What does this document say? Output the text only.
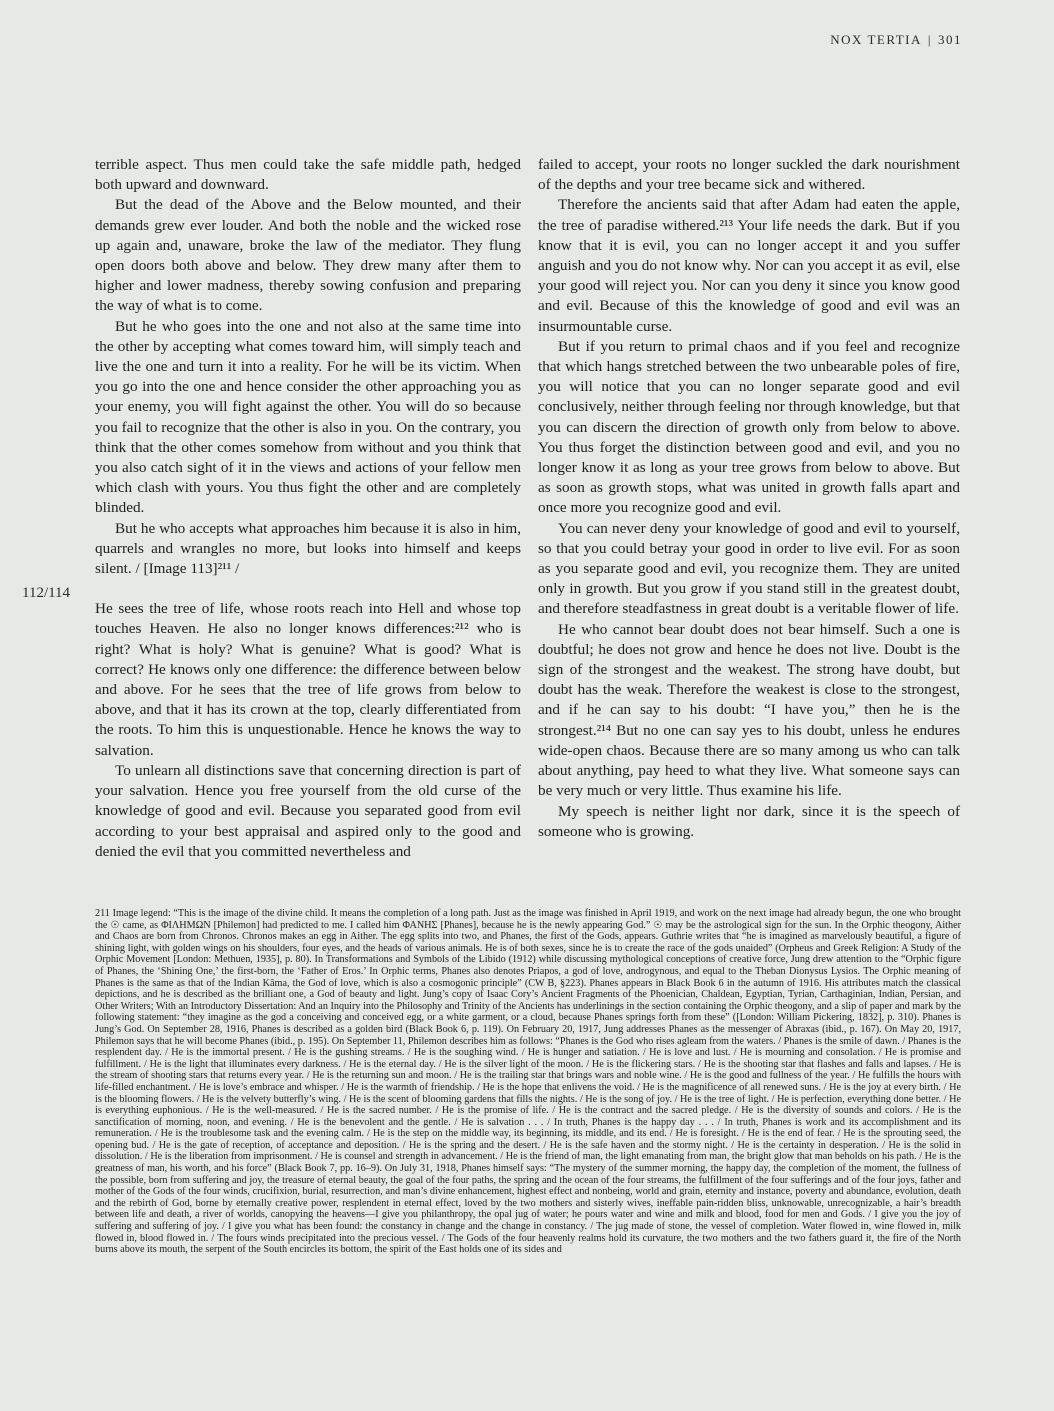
NOX TERTIA | 301
112/114

terrible aspect. Thus men could take the safe middle path, hedged both upward and downward.

But the dead of the Above and the Below mounted, and their demands grew ever louder. And both the noble and the wicked rose up again and, unaware, broke the law of the mediator. They flung open doors both above and below. They drew many after them to higher and lower madness, thereby sowing confusion and preparing the way of what is to come.

But he who goes into the one and not also at the same time into the other by accepting what comes toward him, will simply teach and live the one and turn it into a reality. For he will be its victim. When you go into the one and hence consider the other approaching you as your enemy, you will fight against the other. You will do so because you fail to recognize that the other is also in you. On the contrary, you think that the other comes somehow from without and you think that you also catch sight of it in the views and actions of your fellow men which clash with yours. You thus fight the other and are completely blinded.

But he who accepts what approaches him because it is also in him, quarrels and wrangles no more, but looks into himself and keeps silent. / [Image 113]²¹¹ /

He sees the tree of life, whose roots reach into Hell and whose top touches Heaven. He also no longer knows differences:²¹² who is right? What is holy? What is genuine? What is good? What is correct? He knows only one difference: the difference between below and above. For he sees that the tree of life grows from below to above, and that it has its crown at the top, clearly differentiated from the roots. To him this is unquestionable. Hence he knows the way to salvation.

To unlearn all distinctions save that concerning direction is part of your salvation. Hence you free yourself from the old curse of the knowledge of good and evil. Because you separated good from evil according to your best appraisal and aspired only to the good and denied the evil that you committed nevertheless and

failed to accept, your roots no longer suckled the dark nourishment of the depths and your tree became sick and withered.

Therefore the ancients said that after Adam had eaten the apple, the tree of paradise withered.²¹³ Your life needs the dark. But if you know that it is evil, you can no longer accept it and you suffer anguish and you do not know why. Nor can you accept it as evil, else your good will reject you. Nor can you deny it since you know good and evil. Because of this the knowledge of good and evil was an insurmountable curse.

But if you return to primal chaos and if you feel and recognize that which hangs stretched between the two unbearable poles of fire, you will notice that you can no longer separate good and evil conclusively, neither through feeling nor through knowledge, but that you can discern the direction of growth only from below to above. You thus forget the distinction between good and evil, and you no longer know it as long as your tree grows from below to above. But as soon as growth stops, what was united in growth falls apart and once more you recognize good and evil.

You can never deny your knowledge of good and evil to yourself, so that you could betray your good in order to live evil. For as soon as you separate good and evil, you recognize them. They are united only in growth. But you grow if you stand still in the greatest doubt, and therefore steadfastness in great doubt is a veritable flower of life.

He who cannot bear doubt does not bear himself. Such a one is doubtful; he does not grow and hence he does not live. Doubt is the sign of the strongest and the weakest. The strong have doubt, but doubt has the weak. Therefore the weakest is close to the strongest, and if he can say to his doubt: “I have you,” then he is the strongest.²¹⁴ But no one can say yes to his doubt, unless he endures wide-open chaos. Because there are so many among us who can talk about anything, pay heed to what they live. What someone says can be very much or very little. Thus examine his life.

My speech is neither light nor dark, since it is the speech of someone who is growing.

211 Image legend: “This is the image of the divine child. It means the completion of a long path. Just as the image was finished in April 1919, and work on the next image had already begun, the one who brought the ☉ came, as ΦΙΛΗΜΩΝ [Philemon] had predicted to me. I called him ΦΑΝΗΣ [Phanes], because he is the newly appearing God.” ☉ may be the astrological sign for the sun. In the Orphic theogony, Aither and Chaos are born from Chronos. Chronos makes an egg in Aither. The egg splits into two, and Phanes, the first of the Gods, appears. Guthrie writes that “he is imagined as marvelously beautiful, a figure of shining light, with golden wings on his shoulders, four eyes, and the heads of various animals. He is of both sexes, since he is to create the race of the gods unaided” (Orpheus and Greek Religion: A Study of the Orphic Movement [London: Methuen, 1935], p. 80). In Transformations and Symbols of the Libido (1912) while discussing mythological conceptions of creative force, Jung drew attention to the “Orphic figure of Phanes, the ‘Shining One,’ the first-born, the ‘Father of Eros.’ In Orphic terms, Phanes also denotes Priapos, a god of love, androgynous, and equal to the Theban Dionysus Lysios. The Orphic meaning of Phanes is the same as that of the Indian Kâma, the God of love, which is also a cosmogonic principle” (CW B, §223). Phanes appears in Black Book 6 in the autumn of 1916. His attributes match the classical depictions, and he is described as the brilliant one, a God of beauty and light. Jung’s copy of Isaac Cory’s Ancient Fragments of the Phoenician, Chaldean, Egyptian, Tyrian, Carthaginian, Indian, Persian, and Other Writers; With an Introductory Dissertation: And an Inquiry into the Philosophy and Trinity of the Ancients has underlinings in the section containing the Orphic theogony, and a slip of paper and mark by the following statement: “they imagine as the god a conceiving and conceived egg, or a white garment, or a cloud, because Phanes springs forth from these” ([London: William Pickering, 1832], p. 310). Phanes is Jung’s God. On September 28, 1916, Phanes is described as a golden bird (Black Book 6, p. 119). On February 20, 1917, Jung addresses Phanes as the messenger of Abraxas (ibid., p. 167). On May 20, 1917, Philemon says that he will become Phanes (ibid., p. 195). On September 11, Philemon describes him as follows: “Phanes is the God who rises agleam from the waters. / Phanes is the smile of dawn. / Phanes is the resplendent day. / He is the immortal present. / He is the gushing streams. / He is the soughing wind. / He is hunger and satiation. / He is love and lust. / He is mourning and consolation. / He is promise and fulfillment. / He is the light that illuminates every darkness. / He is the eternal day. / He is the silver light of the moon. / He is the flickering stars. / He is the shooting star that flashes and falls and lapses. / He is the stream of shooting stars that returns every year. / He is the returning sun and moon. / He is the trailing star that brings wars and noble wine. / He is the good and fullness of the year. / He fulfills the hours with life-filled enchantment. / He is love’s embrace and whisper. / He is the warmth of friendship. / He is the hope that enlivens the void. / He is the magnificence of all renewed suns. / He is the joy at every birth. / He is the blooming flowers. / He is the velvety butterfly’s wing. / He is the scent of blooming gardens that fills the nights. / He is the song of joy. / He is the tree of light. / He is perfection, everything done better. / He is everything euphonious. / He is the well-measured. / He is the sacred number. / He is the promise of life. / He is the contract and the sacred pledge. / He is the diversity of sounds and colors. / He is the sanctification of morning, noon, and evening. / He is the benevolent and the gentle. / He is salvation . . . / In truth, Phanes is the happy day . . . / In truth, Phanes is work and its accomplishment and its remuneration. / He is the troublesome task and the evening calm. / He is the step on the middle way, its beginning, its middle, and its end. / He is foresight. / He is the end of fear. / He is the sprouting seed, the opening bud. / He is the gate of reception, of acceptance and deposition. / He is the spring and the desert. / He is the safe haven and the stormy night. / He is the certainty in desperation. / He is the solid in dissolution. / He is the liberation from imprisonment. / He is counsel and strength in advancement. / He is the friend of man, the light emanating from man, the bright glow that man beholds on his path. / He is the greatness of man, his worth, and his force” (Black Book 7, pp. 16–9). On July 31, 1918, Phanes himself says: “The mystery of the summer morning, the happy day, the completion of the moment, the fullness of the possible, born from suffering and joy, the treasure of eternal beauty, the goal of the four paths, the spring and the ocean of the four streams, the fulfillment of the four sufferings and of the four joys, father and mother of the Gods of the four winds, crucifixion, burial, resurrection, and man’s divine enhancement, highest effect and nonbeing, world and grain, eternity and instance, poverty and abundance, evolution, death and the rebirth of God, borne by eternally creative power, resplendent in eternal effect, loved by the two mothers and sisterly wives, ineffable pain-ridden bliss, unknowable, unrecognizable, a hair’s breadth between life and death, a river of worlds, canopying the heavens—I give you philanthropy, the opal jug of water; he pours water and wine and milk and blood, food for men and Gods. / I give you the joy of suffering and suffering of joy. / I give you what has been found: the constancy in change and the change in constancy. / The jug made of stone, the vessel of completion. Water flowed in, wine flowed in, milk flowed in, blood flowed in. / The fours winds precipitated into the precious vessel. / The Gods of the four heavenly realms hold its curvature, the two mothers and the two fathers guard it, the fire of the North burns above its mouth, the serpent of the South encircles its bottom, the spirit of the East holds one of its sides and
